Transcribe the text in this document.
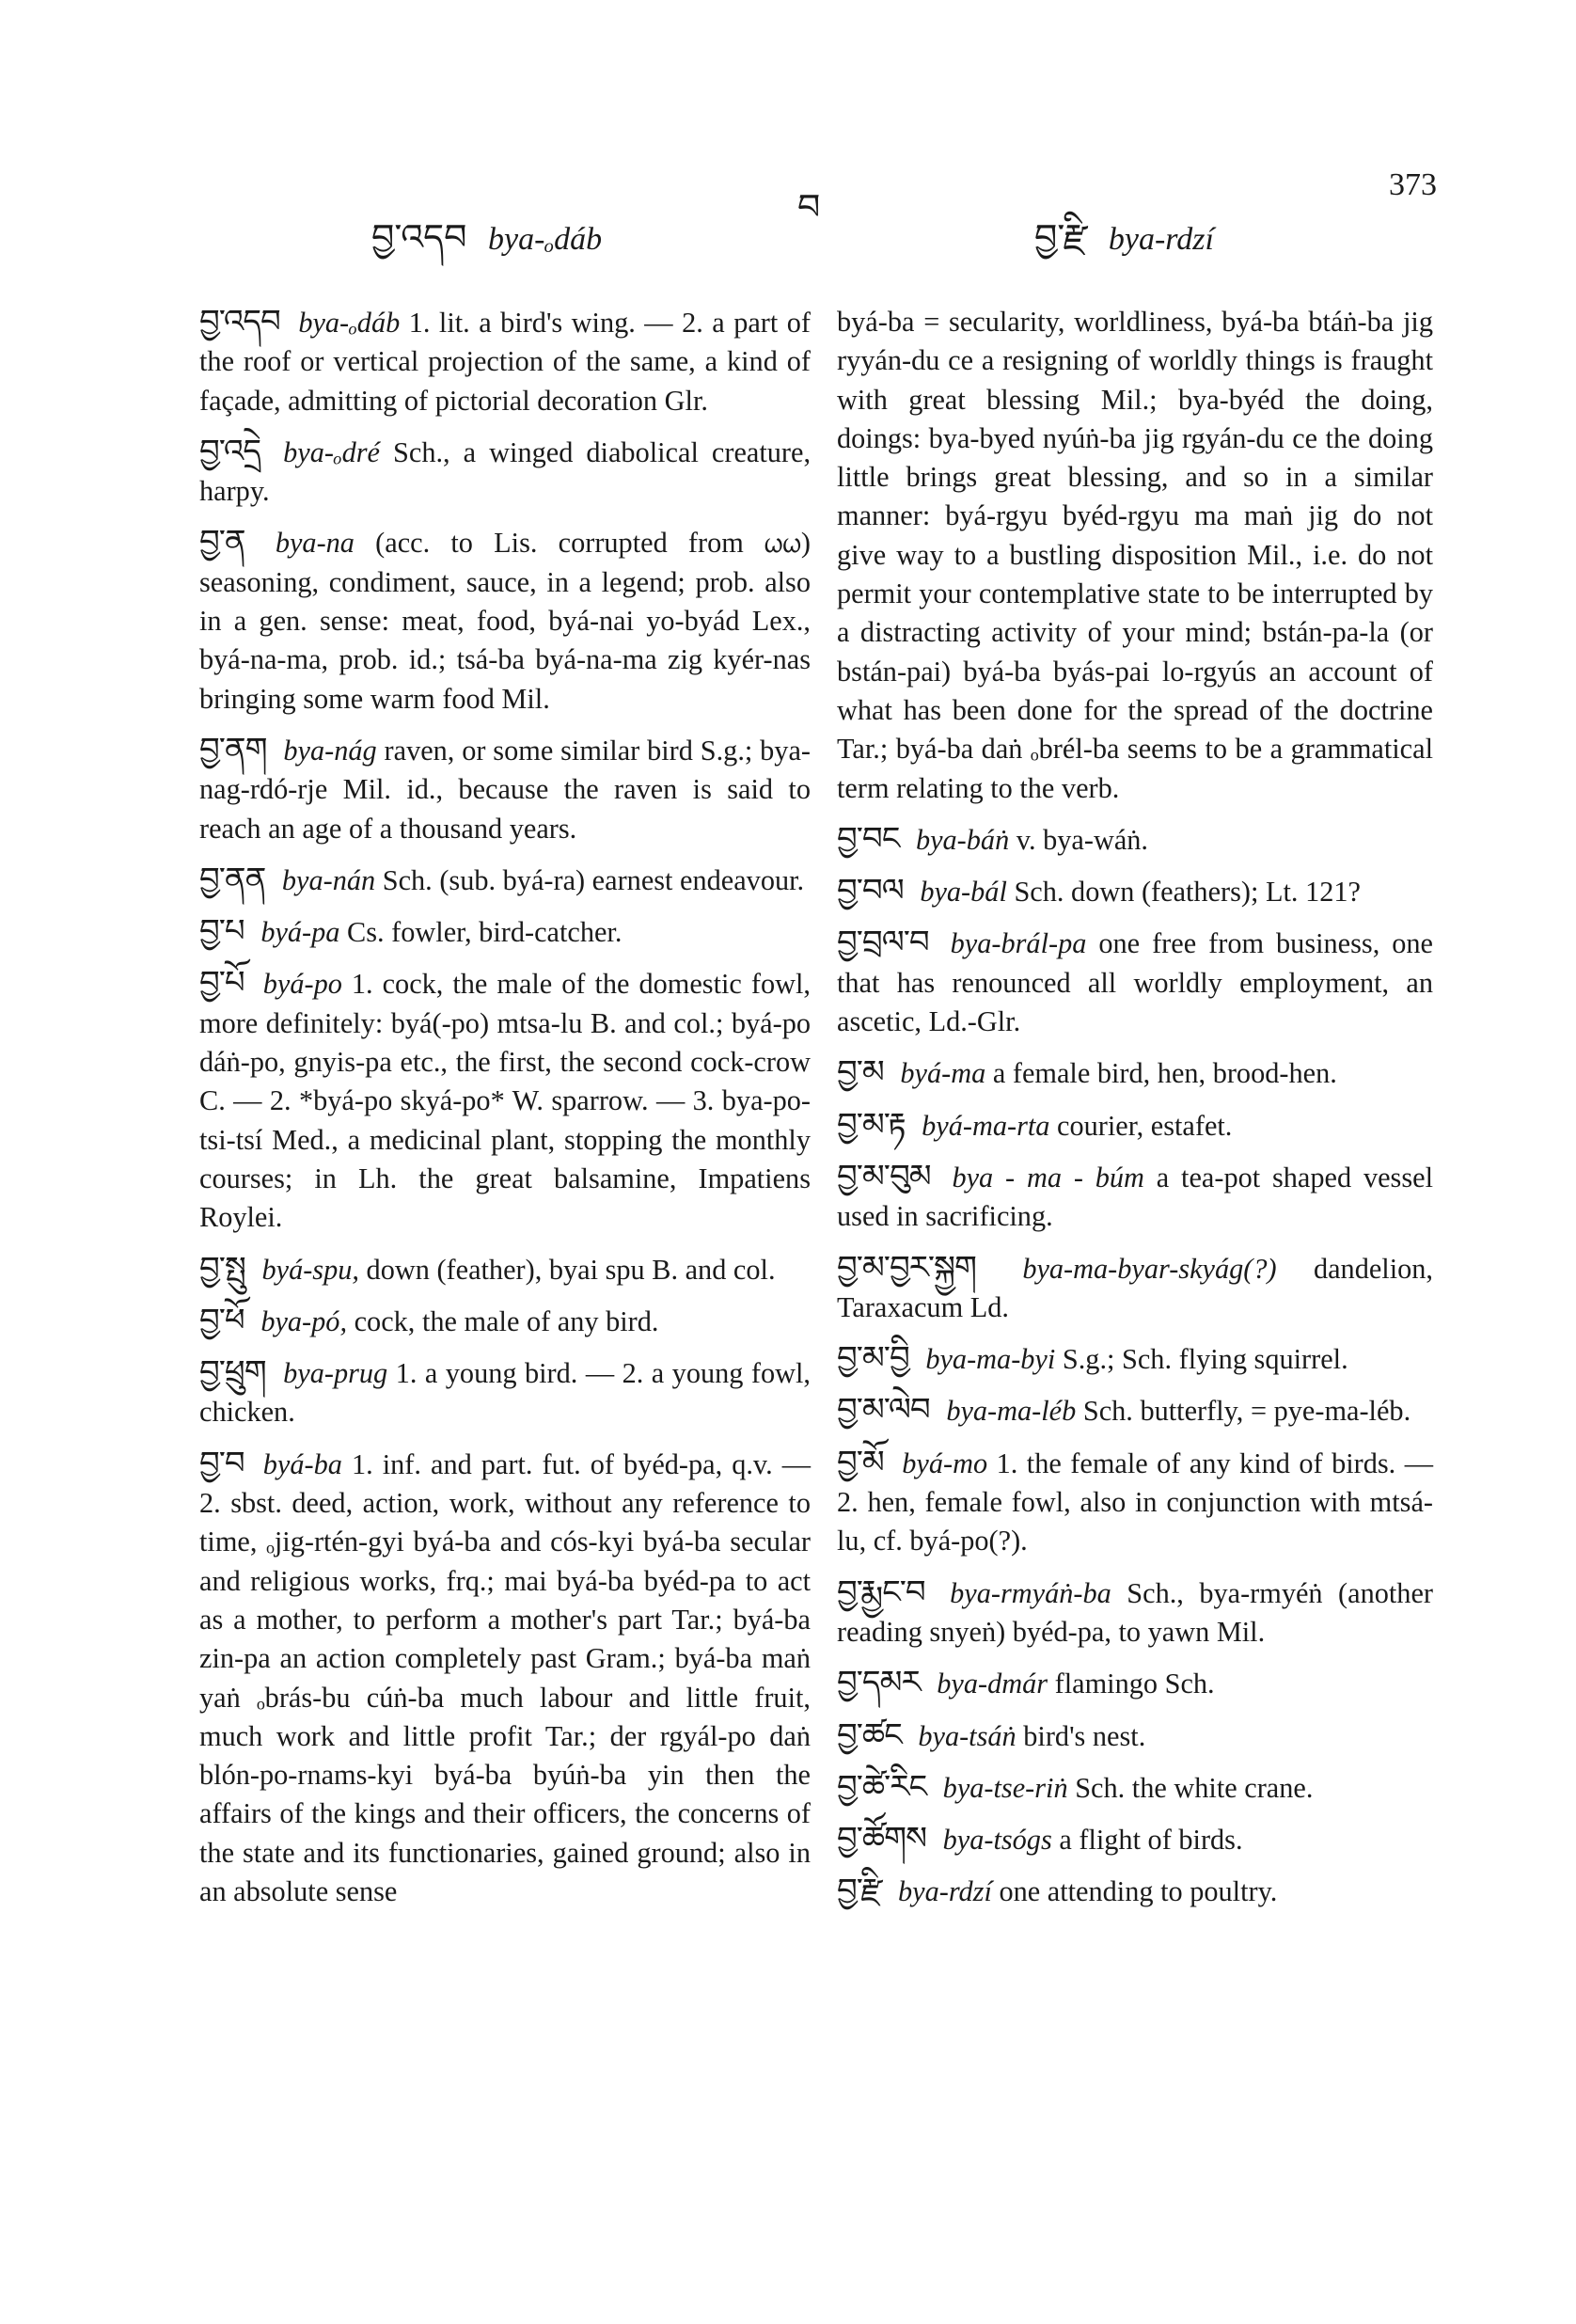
བྱ་འདབ bya-ₒdáb
བ
བྱ་རྫི bya-rdzí
373
བྱ་འདབ bya-ₒdáb 1. lit. a bird's wing. — 2. a part of the roof or vertical projection of the same, a kind of façade, admitting of pictorial decoration Glr.
བྱ་འདྲེ bya-ₒdré Sch., a winged diabolical creature, harpy.
བྱ་ན bya-na (acc. to Lis. corrupted from ᤐᤐ) seasoning, condiment, sauce, in a legend; prob. also in a gen. sense: meat, food, byá-nai yo-byád Lex., byá-na-ma, prob. id.; tsá-ba byá-na-ma zig kyér-nas bringing some warm food Mil.
བྱ་ནག bya-nág raven, or some similar bird S.g.; bya-nag-rdó-rje Mil. id., because the raven is said to reach an age of a thousand years.
བྱ་ནན bya-nán Sch. (sub. byá-ra) earnest endeavour.
བྱ་པ byá-pa Cs. fowler, bird-catcher.
བྱ་པོ byá-po 1. cock, the male of the domestic fowl, more definitely: byá(-po) mtsa-lu B. and col.; byá-po dáṅ-po, gnyis-pa etc., the first, the second cock-crow C. — 2. *byá-po skyá-po* W. sparrow. — 3. bya-po-tsi-tsí Med., a medicinal plant, stopping the monthly courses; in Lh. the great balsamine, Impatiens Roylei.
བྱ་སྤུ byá-spu, down (feather), byai spu B. and col.
བྱ་ཕོ bya-pó, cock, the male of any bird.
བྱ་ཕྲུག bya-prug 1. a young bird. — 2. a young fowl, chicken.
བྱ་བ byá-ba 1. inf. and part. fut. of byéd-pa, q.v. — 2. sbst. deed, action, work, without any reference to time, ₒjig-rtén-gyi byá-ba and cós-kyi byá-ba secular and religious works, frq.; mai byá-ba byéd-pa to act as a mother, to perform a mother's part Tar.; byá-ba zin-pa an action completely past Gram.; byá-ba maṅ yaṅ ₒbrás-bu cúṅ-ba much labour and little fruit, much work and little profit Tar.; der rgyál-po daṅ blón-po-rnams-kyi byá-ba byúṅ-ba yin then the affairs of the kings and their officers, the concerns of the state and its functionaries, gained ground; also in an absolute sense
byá-ba = secularity, worldliness, byá-ba btáṅ-ba jig ryyán-du ce a resigning of worldly things is fraught with great blessing Mil.; bya-byéd the doing, doings: bya-byed nyúṅ-ba jig rgyán-du ce the doing little brings great blessing, and so in a similar manner: byá-rgyu byéd-rgyu ma maṅ jig do not give way to a bustling disposition Mil., i.e. do not permit your contemplative state to be interrupted by a distracting activity of your mind; bstán-pa-la (or bstán-pai) byá-ba byás-pai lo-rgyús an account of what has been done for the spread of the doctrine Tar.; byá-ba daṅ ₒbrél-ba seems to be a grammatical term relating to the verb.
བྱ་བང bya-báṅ v. bya-wáṅ.
བྱ་བལ bya-bál Sch. down (feathers); Lt. 121?
བྱ་བྲལ་བ bya-brál-pa one free from business, one that has renounced all worldly employment, an ascetic, Ld.-Glr.
བྱ་མ byá-ma a female bird, hen, brood-hen.
བྱ་མ་རྟ byá-ma-rta courier, estafet.
བྱ་མ་བུམ bya - ma - búm a tea-pot shaped vessel used in sacrificing.
བྱ་མ་བྱར་སྐྱག bya-ma-byar-skyág(?) dandelion, Taraxacum Ld.
བྱ་མ་བྱི bya-ma-byi S.g.; Sch. flying squirrel.
བྱ་མ་ལེབ bya-ma-léb Sch. butterfly, = pye-ma-léb.
བྱ་མོ byá-mo 1. the female of any kind of birds. — 2. hen, female fowl, also in conjunction with mtsá-lu, cf. byá-po(?).
བྱ་རྨྱང་བ bya-rmyáṅ-ba Sch., bya-rmyéṅ (another reading snyeṅ) byéd-pa, to yawn Mil.
བྱ་དམར bya-dmár flamingo Sch.
བྱ་ཚང bya-tsáṅ bird's nest.
བྱ་ཚེ་རིང bya-tse-riṅ Sch. the white crane.
བྱ་ཚོགས bya-tsógs a flight of birds.
བྱ་རྫི bya-rdzí one attending to poultry.
